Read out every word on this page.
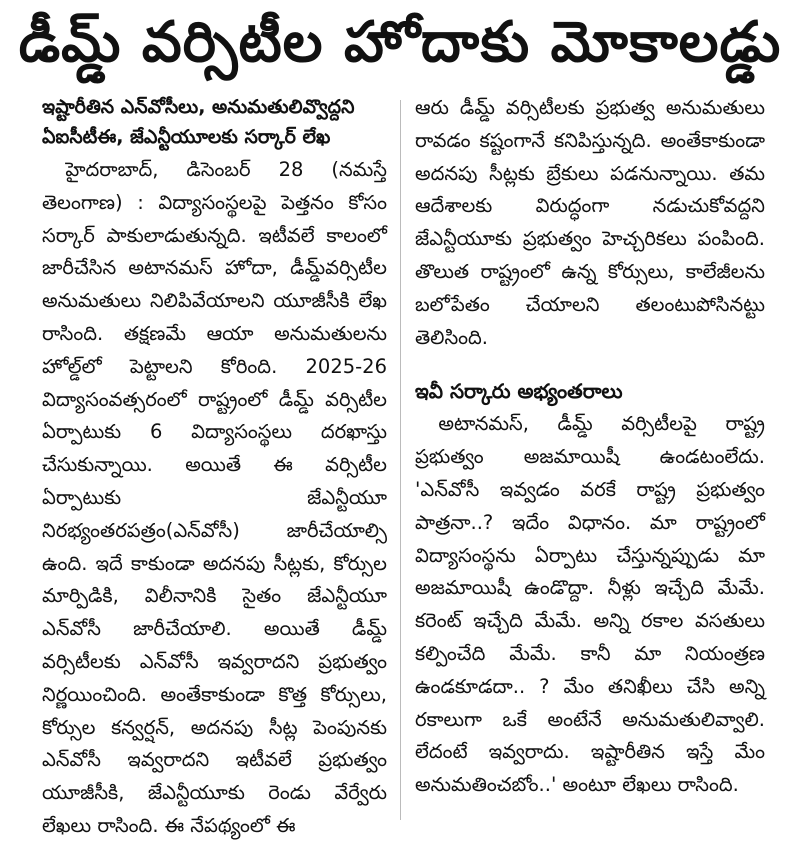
డీమ్డ్ వర్సిటీల హోదాకు మోకాలడ్డు
ఇష్టారీతిన ఎన్‌వోసీలు, అనుమతులివ్వొద్దని ఏఐసీటీఈ, జేఎన్టీయూలకు సర్కార్ లేఖ
హైదరాబాద్, డిసెంబర్ 28 (నమస్తే తెలంగాణ) : విద్యాసంస్థలపై పెత్తనం కోసం సర్కార్ పాకులాడుతున్నది. ఇటీవలే కాలంలో జారీచేసిన అటానమస్ హోదా, డీమ్డ్‌వర్సిటీల అనుమతులు నిలిపివేయాలని యూజీసీకి లేఖ రాసింది. తక్షణమే ఆయా అనుమతులను హోల్డ్‌లో పెట్టాలని కోరింది. 2025-26 విద్యాసంవత్సరంలో రాష్ట్రంలో డీమ్డ్ వర్సిటీల ఏర్పాటుకు 6 విద్యాసంస్థలు దరఖాస్తు చేసుకున్నాయి. అయితే ఈ వర్సిటీల ఏర్పాటుకు జేఎన్టీయూ నిరభ్యంతరపత్రం(ఎన్‌వోసీ) జారీచేయాల్సి ఉంది. ఇదే కాకుండా అదనపు సీట్లకు, కోర్సుల మార్పిడికి, విలీనానికి సైతం జేఎన్టీయూ ఎన్‌వోసీ జారీచేయాలి. అయితే డీమ్డ్ వర్సిటీలకు ఎన్‌వోసీ ఇవ్వరాదని ప్రభుత్వం నిర్ణయించింది. అంతేకాకుండా కొత్త కోర్సులు, కోర్సుల కన్వర్షన్, అదనపు సీట్ల పెంపునకు ఎన్‌వోసీ ఇవ్వరాదని ఇటీవలే ప్రభుత్వం యూజీసీకి, జేఎన్టీయూకు రెండు వేర్వేరు లేఖలు రాసింది. ఈ నేపథ్యంలో ఈ
ఆరు డీమ్డ్ వర్సిటీలకు ప్రభుత్వ అనుమతులు రావడం కష్టంగానే కనిపిస్తున్నది. అంతేకాకుండా అదనపు సీట్లకు బ్రేకులు పడనున్నాయి. తమ ఆదేశాలకు విరుద్ధంగా నడుచుకోవద్దని జేఎన్టీయూకు ప్రభుత్వం హెచ్చరికలు పంపింది. తొలుత రాష్ట్రంలో ఉన్న కోర్సులు, కాలేజీలను బలోపేతం చేయాలని తలంటుపోసినట్టు తెలిసింది.
ఇవీ సర్కారు అభ్యంతరాలు
అటానమస్, డీమ్డ్ వర్సిటీలపై రాష్ట్ర ప్రభుత్వం అజమాయిషీ ఉండటంలేదు. 'ఎన్‌వోసీ ఇవ్వడం వరకే రాష్ట్ర ప్రభుత్వం పాత్రనా..? ఇదేం విధానం. మా రాష్ట్రంలో విద్యాసంస్థను ఏర్పాటు చేస్తున్నప్పుడు మా అజమాయిషీ ఉండొద్దా. నీళ్లు ఇచ్చేది మేమే. కరెంట్ ఇచ్చేది మేమే. అన్ని రకాల వసతులు కల్పించేది మేమే. కానీ మా నియంత్రణ ఉండకూడదా.. ? మేం తనిఖీలు చేసి అన్ని రకాలుగా ఒకే అంటేనే అనుమతులివ్వాలి. లేదంటే ఇవ్వరాదు. ఇష్టారీతిన ఇస్తే మేం అనుమతించబోం..' అంటూ లేఖలు రాసింది.
